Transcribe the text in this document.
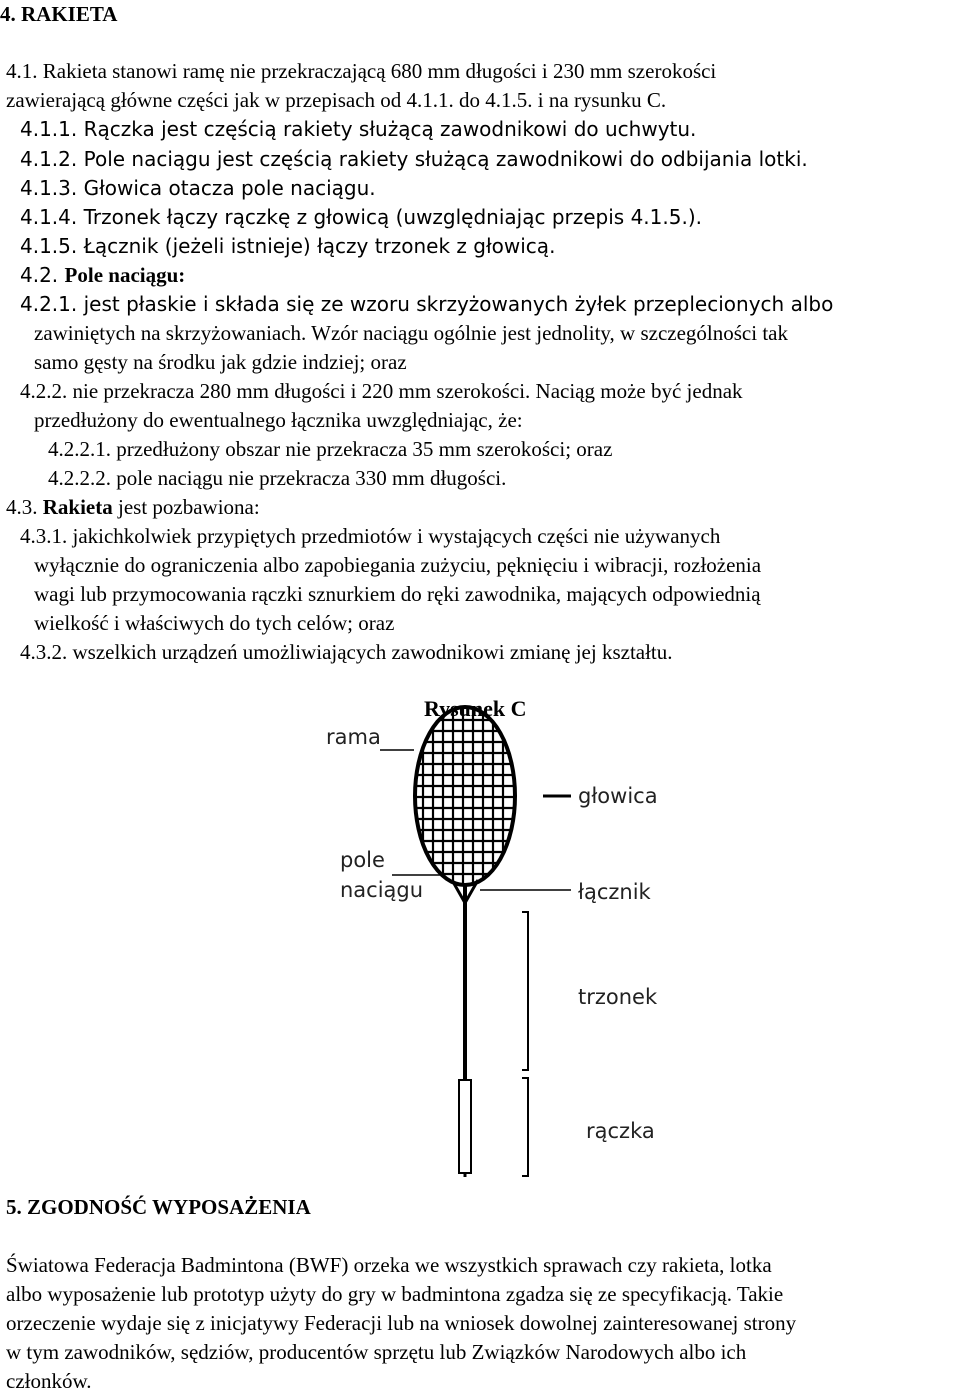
4. RAKIETA
4.1. Rakieta stanowi ramę nie przekraczającą 680 mm długości i 230 mm szerokości
zawierającą główne części jak w przepisach od 4.1.1. do 4.1.5. i na rysunku C.
4.1.1. Rączka jest częścią rakiety służącą zawodnikowi do uchwytu.
4.1.2. Pole naciągu jest częścią rakiety służącą zawodnikowi do odbijania lotki.
4.1.3. Głowica otacza pole naciągu.
4.1.4. Trzonek łączy rączkę z głowicą (uwzględniając przepis 4.1.5.).
4.1.5. Łącznik (jeżeli istnieje) łączy trzonek z głowicą.
4.2. Pole naciągu:
4.2.1. jest płaskie i składa się ze wzoru skrzyżowanych żyłek przeplecionych albo
zawiniętych na skrzyżowaniach. Wzór naciągu ogólnie jest jednolity, w szczególności tak
samo gęsty na środku jak gdzie indziej; oraz
4.2.2. nie przekracza 280 mm długości i 220 mm szerokości. Naciąg może być jednak
przedłużony do ewentualnego łącznika uwzględniając, że:
4.2.2.1. przedłużony obszar nie przekracza 35 mm szerokości; oraz
4.2.2.2. pole naciągu nie przekracza 330 mm długości.
4.3. Rakieta jest pozbawiona:
4.3.1. jakichkolwiek przypiętych przedmiotów i wystających części nie używanych
wyłącznie do ograniczenia albo zapobiegania zużyciu, pęknięciu i wibracji, rozłożenia
wagi lub przymocowania rączki sznurkiem do ręki zawodnika, mających odpowiednią
wielkość i właściwych do tych celów; oraz
4.3.2. wszelkich urządzeń umożliwiających zawodnikowi zmianę jej kształtu.
Rysunek C
rama
głowica
pole
naciągu	łącznik
trzonek
rączka
5. ZGODNOŚĆ WYPOSAŻENIA
Światowa Federacja Badmintona (BWF) orzeka we wszystkich sprawach czy rakieta, lotka
albo wyposażenie lub prototyp użyty do gry w badmintona zgadza się ze specyfikacją. Takie
orzeczenie wydaje się z inicjatywy Federacji lub na wniosek dowolnej zainteresowanej strony
w tym zawodników, sędziów, producentów sprzętu lub Związków Narodowych albo ich
członków.
